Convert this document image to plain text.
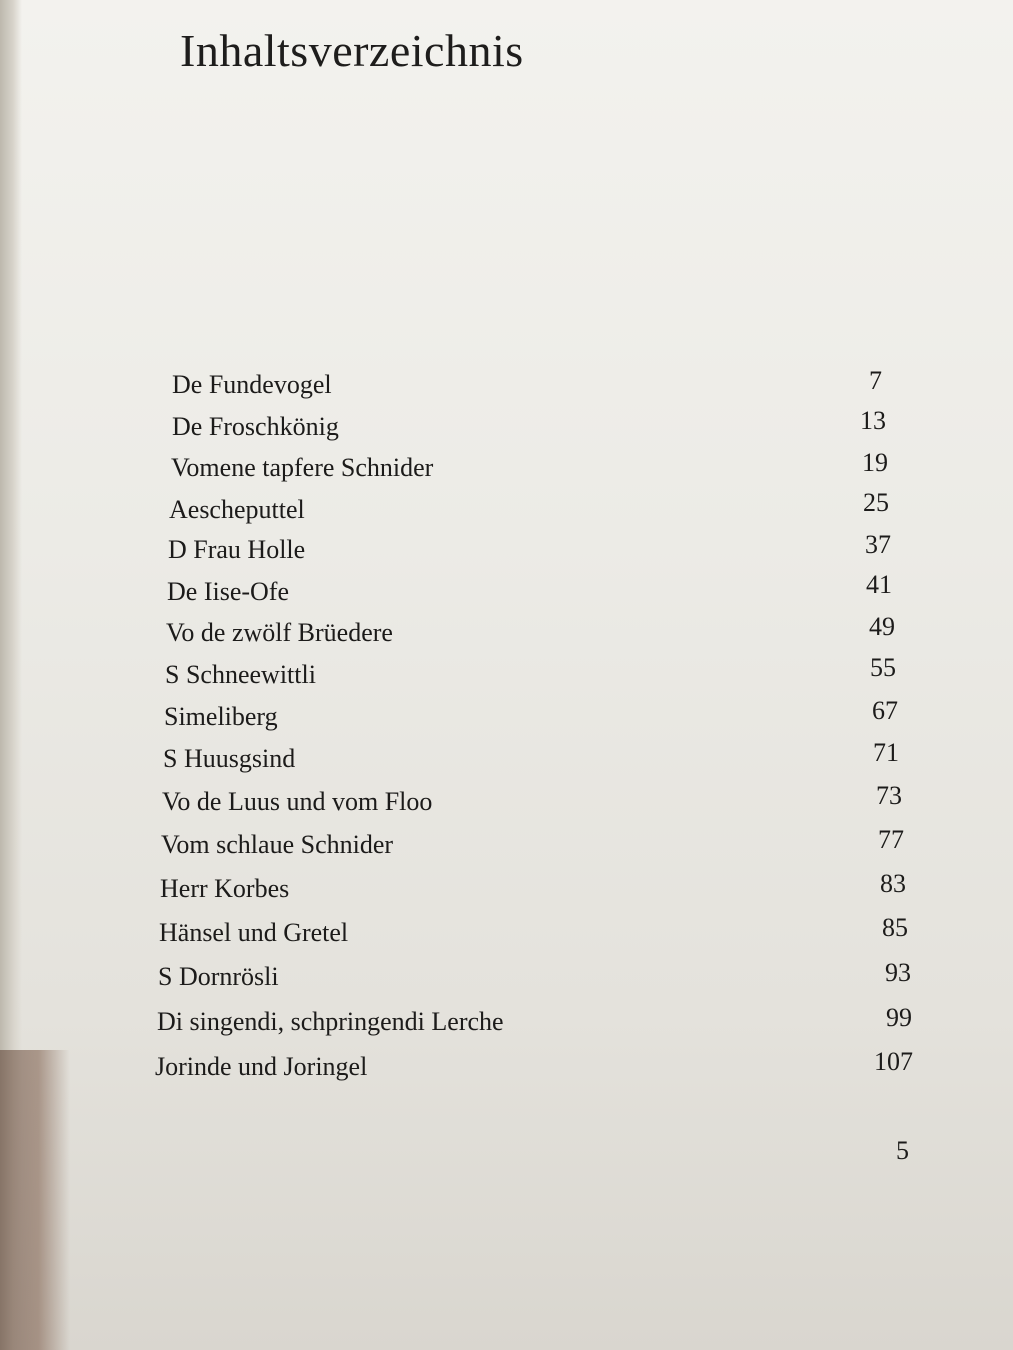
Inhaltsverzeichnis
De Fundevogel	7
De Froschkönig	13
Vomene tapfere Schnider	19
Aescheputtel	25
D Frau Holle	37
De Iise-Ofe	41
Vo de zwölf Brüedere	49
S Schneewittli	55
Simeliberg	67
S Huusgsind	71
Vo de Luus und vom Floo	73
Vom schlaue Schnider	77
Herr Korbes	83
Hänsel und Gretel	85
S Dornrösli	93
Di singendi, schpringendi Lerche	99
Jorinde und Joringel	107
5
